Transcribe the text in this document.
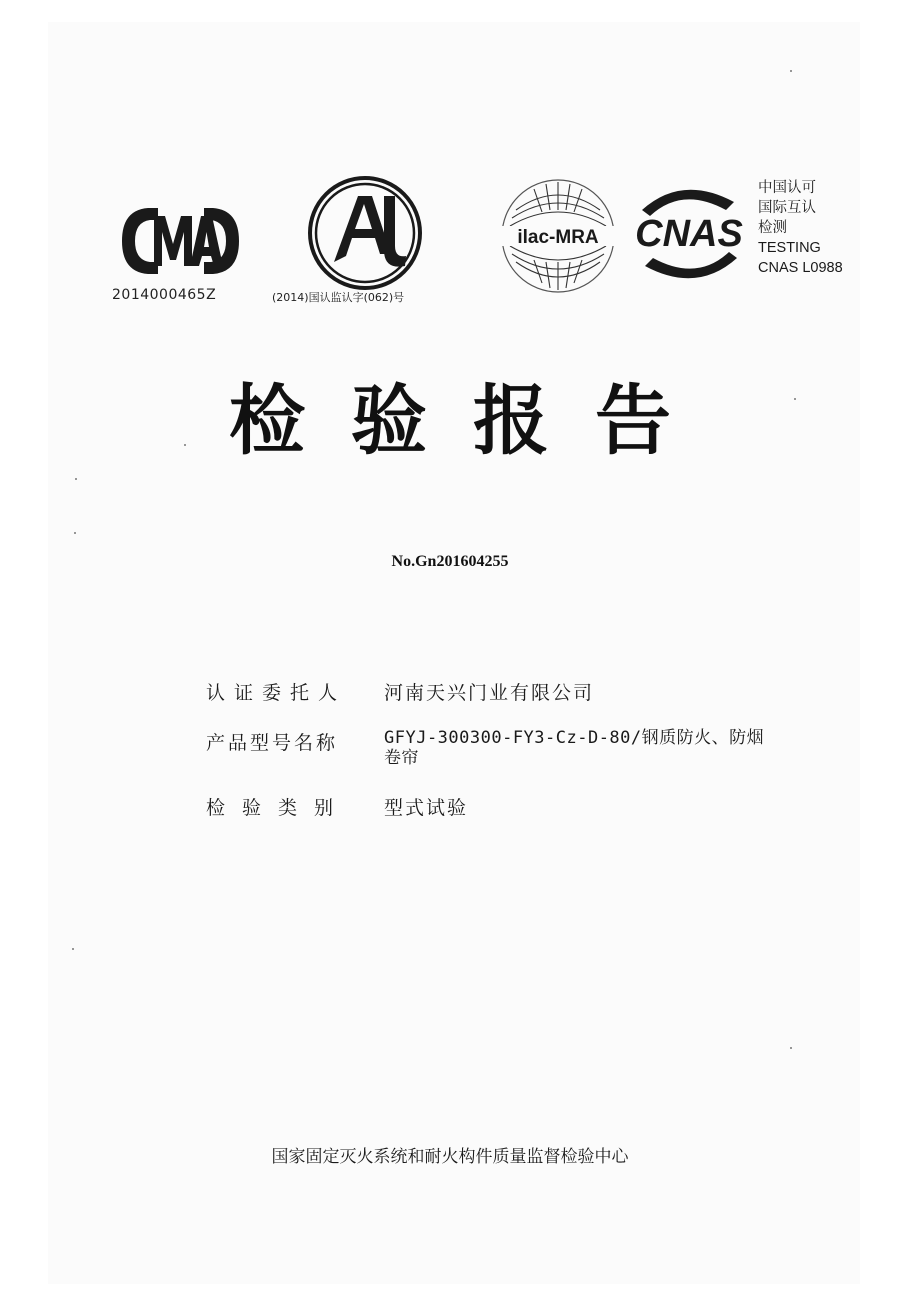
2014000465Z	(2014)国认监认字(062)号
ilac-MRA CNAS
中国认可
国际互认
检测
TESTING
CNAS L0988
检验报告
No.Gn201604255
认证委托人 河南天兴门业有限公司
产品型号名称	GFYJ-300300-FY3-Cz-D-80/钢质防火、防烟
卷帘
检验类别 型式试验
国家固定灭火系统和耐火构件质量监督检验中心
